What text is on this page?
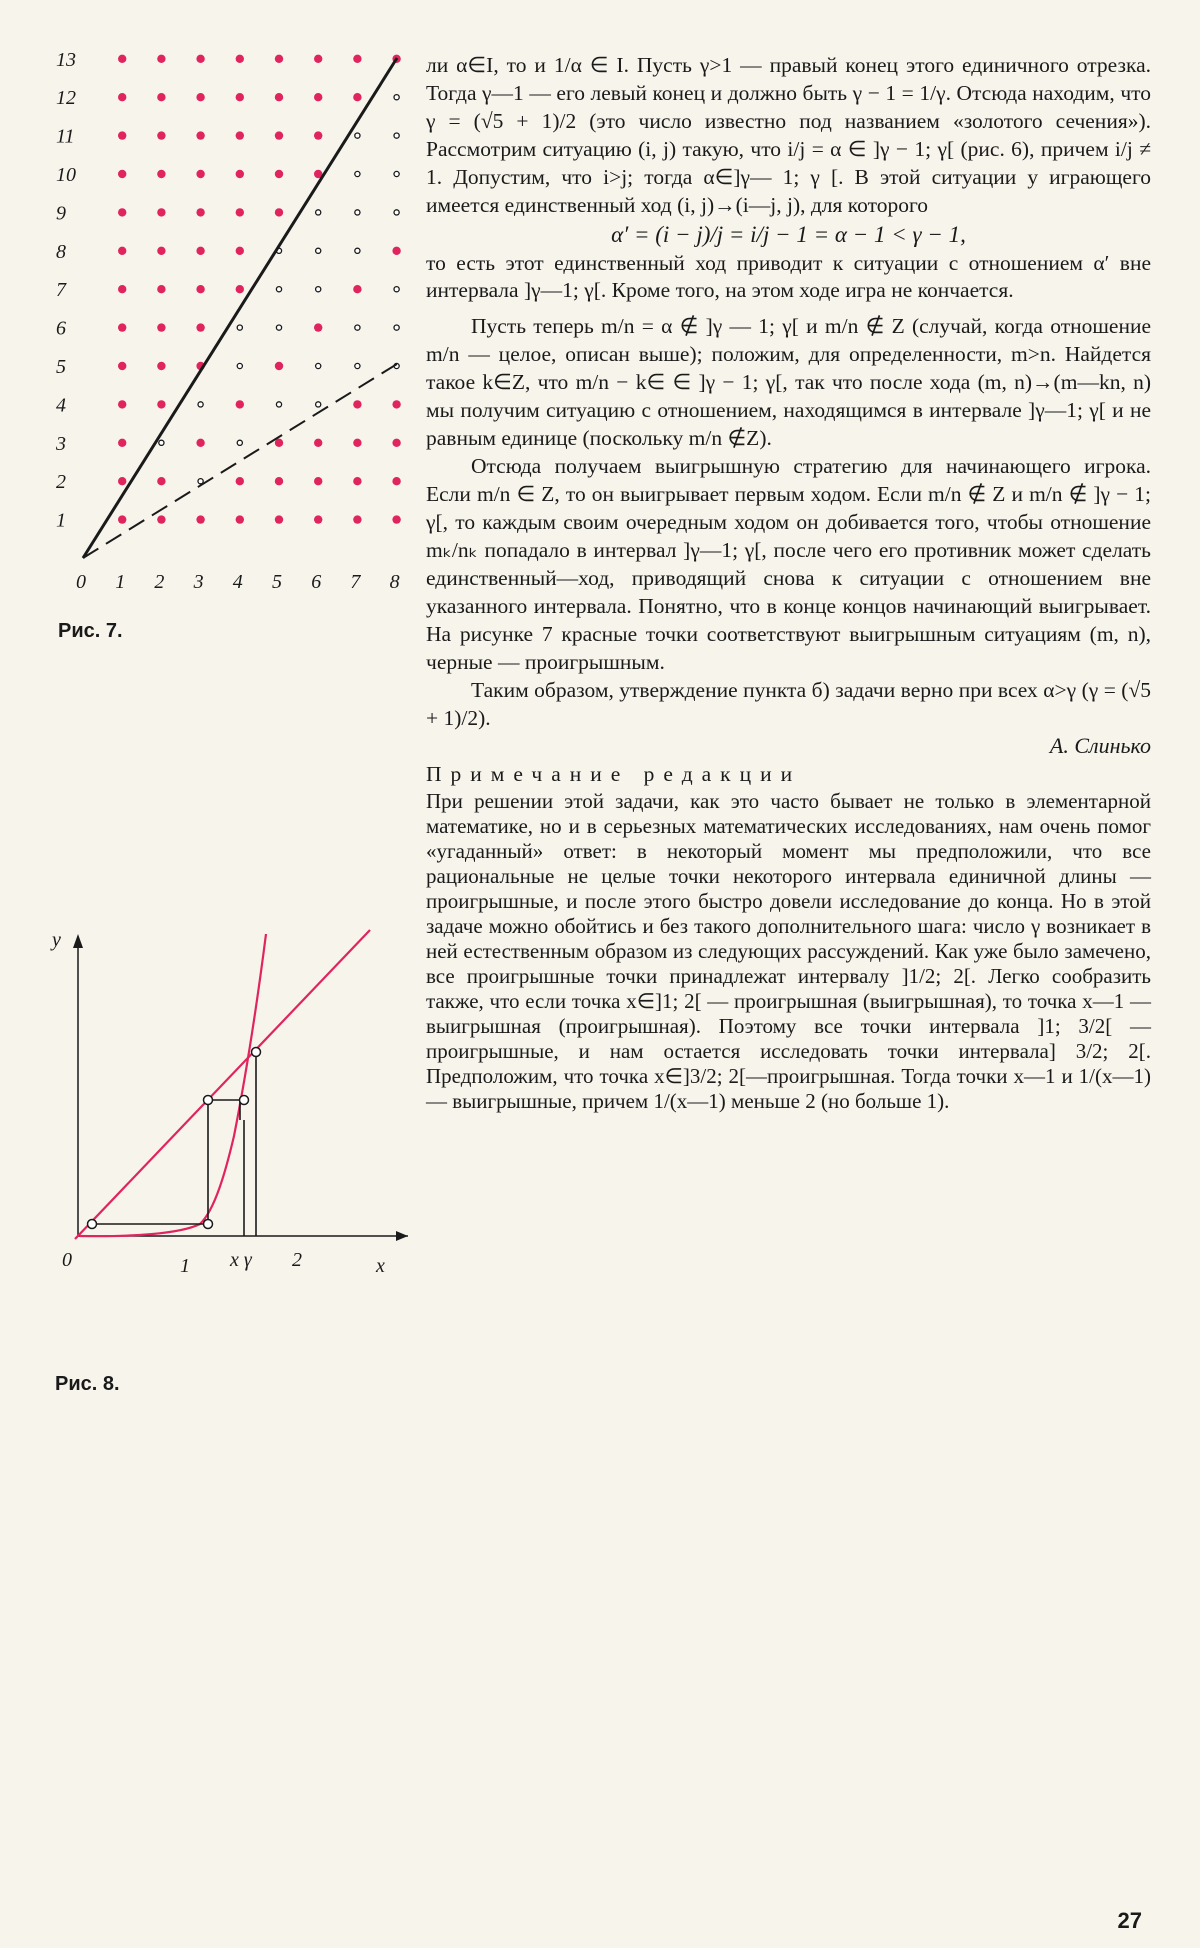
0 1 2 3 4 5 6 7 8
1
2
3
4
5
6
7
8
9
10
11
12
13
Рис. 7.
y
x
0	1 x γ 2
Рис. 8.

ли α∈I, то и 1/α ∈ I. Пусть γ>1 — правый конец этого единичного отрезка. Тогда γ—1 — его левый конец и должно быть γ − 1 = 1/γ. Отсюда находим, что γ = (√5 + 1)/2 (это число известно под названием «золотого сечения»). Рассмотрим ситуацию (i, j) такую, что i/j = α ∈ ]γ − 1; γ[ (рис. 6), причем i/j ≠ 1. Допустим, что i>j; тогда α∈]γ— 1; γ [. В этой ситуации у играющего имеется единственный ход (i, j)→(i—j, j), для которого

α′ = (i − j)/j = i/j − 1 = α − 1 < γ − 1,

то есть этот единственный ход приводит к ситуации с отношением α′ вне интервала ]γ—1; γ[. Кроме того, на этом ходе игра не кончается.

Пусть теперь m/n = α ∉ ]γ — 1; γ[ и m/n ∉ Z (случай, когда отношение m/n — целое, описан выше); положим, для определенности, m>n. Найдется такое k∈Z, что m/n − k∈ ∈ ]γ − 1; γ[, так что после хода (m, n)→(m—kn, n) мы получим ситуацию с отношением, находящимся в интервале ]γ—1; γ[ и не равным единице (поскольку m/n ∉Z).

Отсюда получаем выигрышную стратегию для начинающего игрока. Если m/n ∈ Z, то он выигрывает первым ходом. Если m/n ∉ Z и m/n ∉ ]γ − 1; γ[, то каждым своим очередным ходом он добивается того, чтобы отношение mₖ/nₖ попадало в интервал ]γ—1; γ[, после чего его противник может сделать единственный—ход, приводящий снова к ситуации с отношением вне указанного интервала. Понятно, что в конце концов начинающий выигрывает. На рисунке 7 красные точки соответствуют выигрышным ситуациям (m, n), черные — проигрышным.

Таким образом, утверждение пункта б) задачи верно при всех α>γ (γ = (√5 + 1)/2).

А. Слинько

Примечание редакции

При решении этой задачи, как это часто бывает не только в элементарной математике, но и в серьезных математических исследованиях, нам очень помог «угаданный» ответ: в некоторый момент мы предположили, что все рациональные не целые точки некоторого интервала единичной длины — проигрышные, и после этого быстро довели исследование до конца. Но в этой задаче можно обойтись и без такого дополнительного шага: число γ возникает в ней естественным образом из следующих рассуждений. Как уже было замечено, все проигрышные точки принадлежат интервалу ]1/2; 2[. Легко сообразить также, что если точка x∈]1; 2[ — проигрышная (выигрышная), то точка x—1 — выигрышная (проигрышная). Поэтому все точки интервала ]1; 3/2[ — проигрышные, и нам остается исследовать точки интервала] 3/2; 2[. Предположим, что точка x∈]3/2; 2[—проигрышная. Тогда точки x—1 и 1/(x—1)— выигрышные, причем 1/(x—1) меньше 2 (но больше 1).

27
